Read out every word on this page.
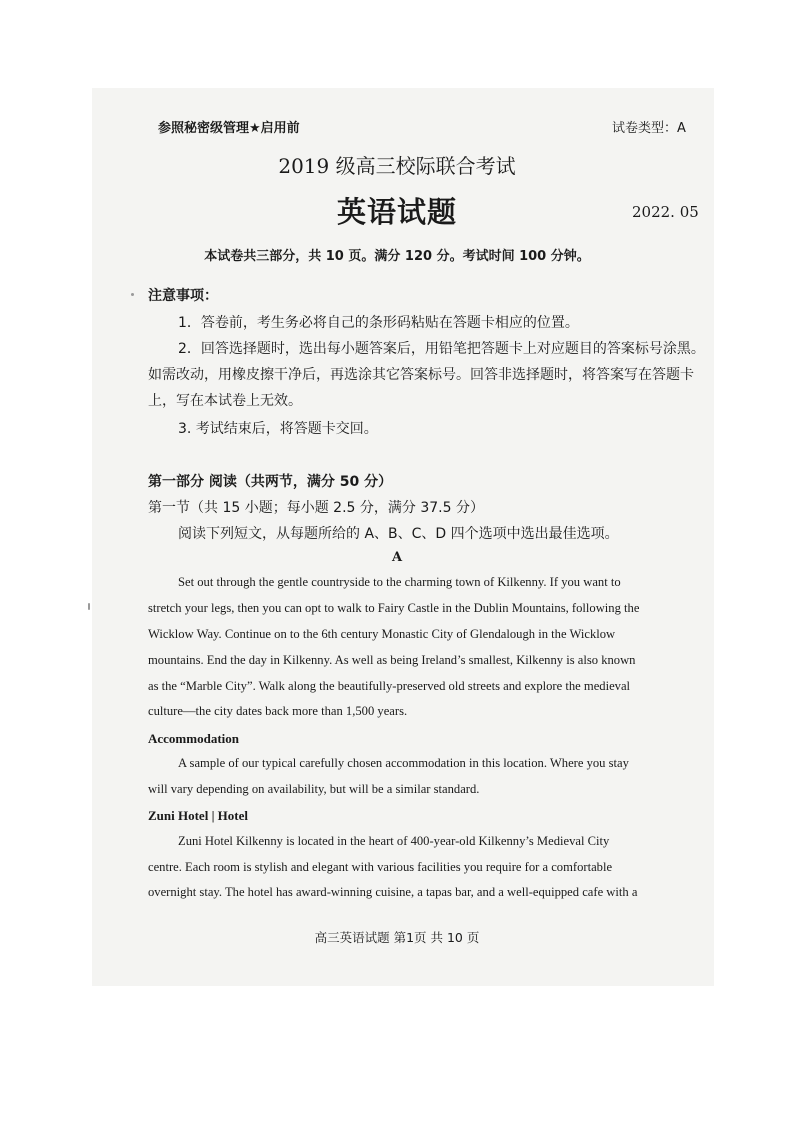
参照秘密级管理★启用前	试卷类型：A
2019 级高三校际联合考试
英语试题	2022. 05
本试卷共三部分，共 10 页。满分 120 分。考试时间 100 分钟。
注意事项：
1．答卷前，考生务必将自己的条形码粘贴在答题卡相应的位置。
2．回答选择题时，选出每小题答案后，用铅笔把答题卡上对应题目的答案标号涂黑。
如需改动，用橡皮擦干净后，再选涂其它答案标号。回答非选择题时，将答案写在答题卡
上，写在本试卷上无效。
3. 考试结束后，将答题卡交回。
第一部分 阅读（共两节，满分 50 分）
第一节（共 15 小题；每小题 2.5 分，满分 37.5 分）
阅读下列短文，从每题所给的 A、B、C、D 四个选项中选出最佳选项。
A
Set out through the gentle countryside to the charming town of Kilkenny. If you want to
stretch your legs, then you can opt to walk to Fairy Castle in the Dublin Mountains, following the
Wicklow Way. Continue on to the 6th century Monastic City of Glendalough in the Wicklow
mountains. End the day in Kilkenny. As well as being Ireland’s smallest, Kilkenny is also known
as the “Marble City”. Walk along the beautifully-preserved old streets and explore the medieval
culture—the city dates back more than 1,500 years.
Accommodation
A sample of our typical carefully chosen accommodation in this location. Where you stay
will vary depending on availability, but will be a similar standard.
Zuni Hotel | Hotel
Zuni Hotel Kilkenny is located in the heart of 400-year-old Kilkenny’s Medieval City
centre. Each room is stylish and elegant with various facilities you require for a comfortable
overnight stay. The hotel has award-winning cuisine, a tapas bar, and a well-equipped cafe with a
高三英语试题 第1页 共 10 页
